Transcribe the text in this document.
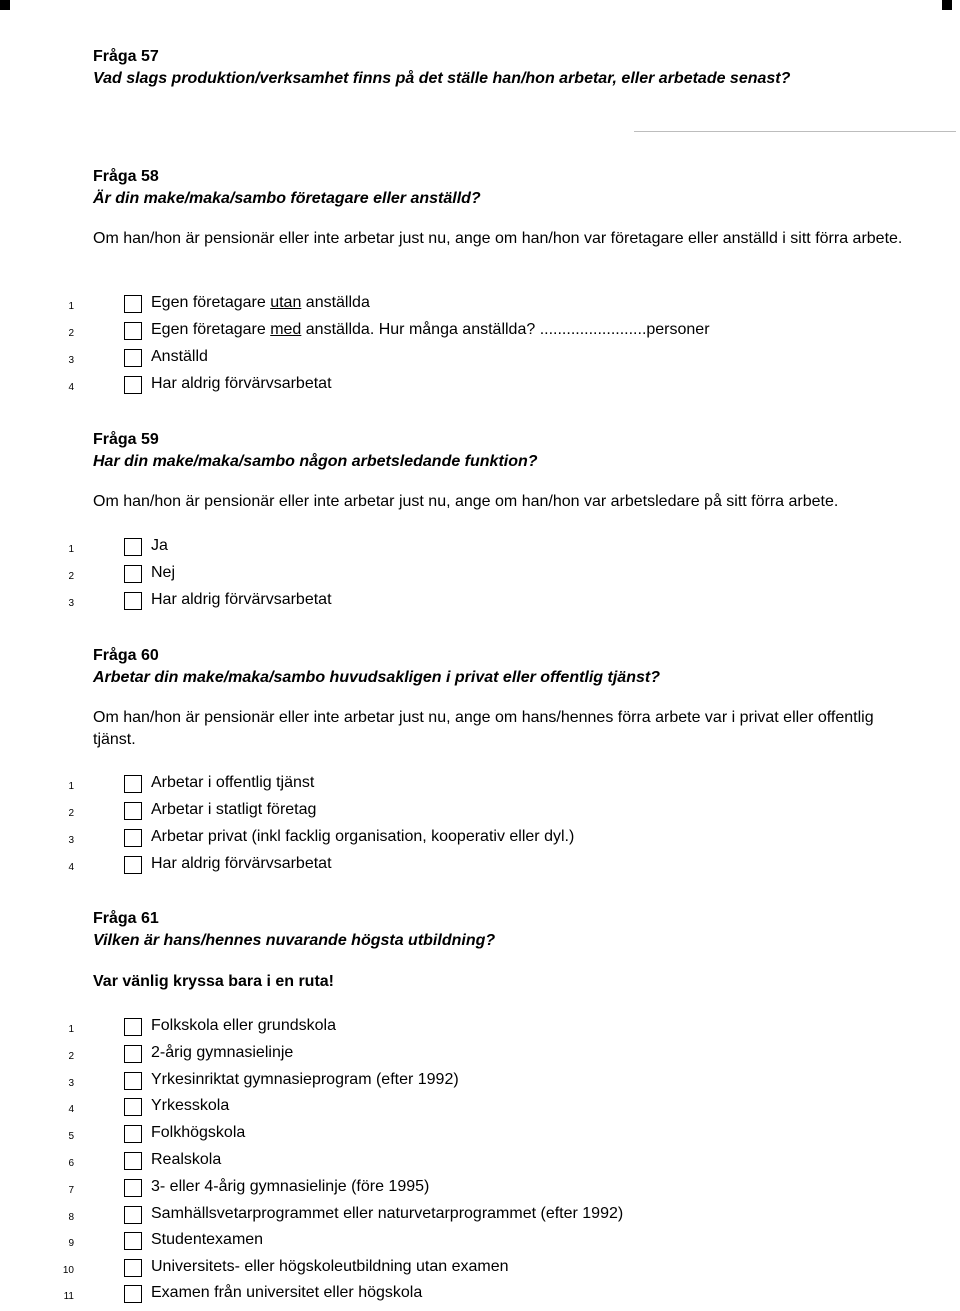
Fråga 57
Vad slags produktion/verksamhet finns på det ställe han/hon arbetar, eller arbetade senast?
Fråga 58
Är din make/maka/sambo företagare eller anställd?
Om han/hon är pensionär eller inte arbetar just nu, ange om han/hon var företagare eller anställd i sitt förra arbete.
1	Egen företagare utan anställda
2	Egen företagare med anställda. Hur många anställda? ........................personer
3	Anställd
4	Har aldrig förvärvsarbetat
Fråga 59
Har din make/maka/sambo någon arbetsledande funktion?
Om han/hon är pensionär eller inte arbetar just nu, ange om han/hon var arbetsledare på sitt förra arbete.
1	Ja
2	Nej
3	Har aldrig förvärvsarbetat
Fråga 60
Arbetar din make/maka/sambo huvudsakligen i privat eller offentlig tjänst?
Om han/hon är pensionär eller inte arbetar just nu, ange om hans/hennes förra arbete var i privat eller offentlig tjänst.
1	Arbetar i offentlig tjänst
2	Arbetar i statligt företag
3	Arbetar privat (inkl facklig organisation, kooperativ eller dyl.)
4	Har aldrig förvärvsarbetat
Fråga 61
Vilken är hans/hennes nuvarande högsta utbildning?
Var vänlig kryssa bara i en ruta!
1	Folkskola eller grundskola
2	2-årig gymnasielinje
3	Yrkesinriktat gymnasieprogram (efter 1992)
4	Yrkesskola
5	Folkhögskola
6	Realskola
7	3- eller 4-årig gymnasielinje (före 1995)
8	Samhällsvetarprogrammet eller naturvetarprogrammet (efter 1992)
9	Studentexamen
10	Universitets- eller högskoleutbildning utan examen
11	Examen från universitet eller högskola
